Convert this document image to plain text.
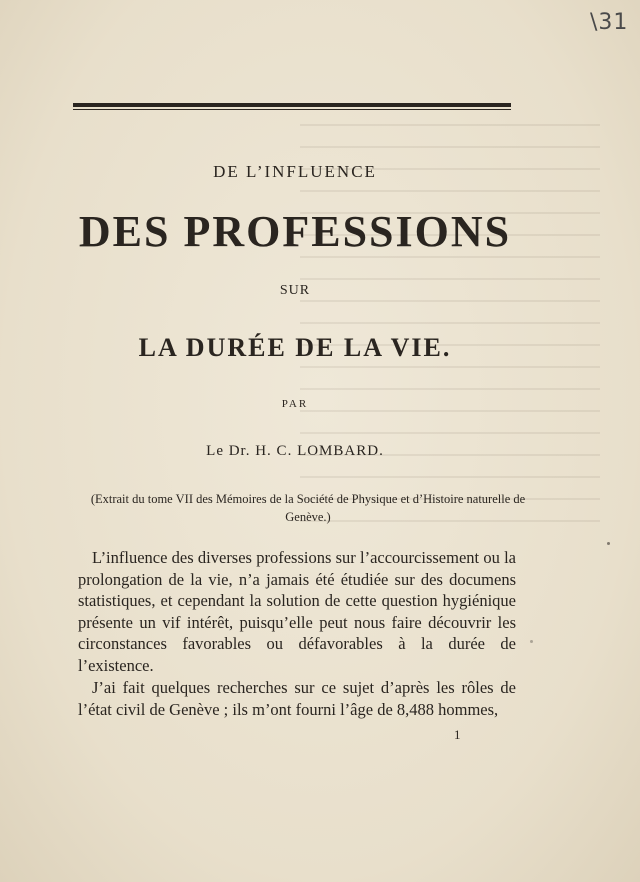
\31
DE L’INFLUENCE
DES PROFESSIONS
SUR
LA DURÉE DE LA VIE.
PAR
Le Dr. H. C. LOMBARD.
(Extrait du tome VII des Mémoires de la Société de Physique et d’Histoire naturelle de Genève.)
L’influence des diverses professions sur l’accourcissement ou la prolongation de la vie, n’a jamais été étudiée sur des documens statistiques, et cependant la solution de cette question hygiénique présente un vif intérêt, puisqu’elle peut nous faire découvrir les circonstances favorables ou défavorables à la durée de l’existence.
J’ai fait quelques recherches sur ce sujet d’après les rôles de l’état civil de Genève ; ils m’ont fourni l’âge de 8,488 hommes,
1
